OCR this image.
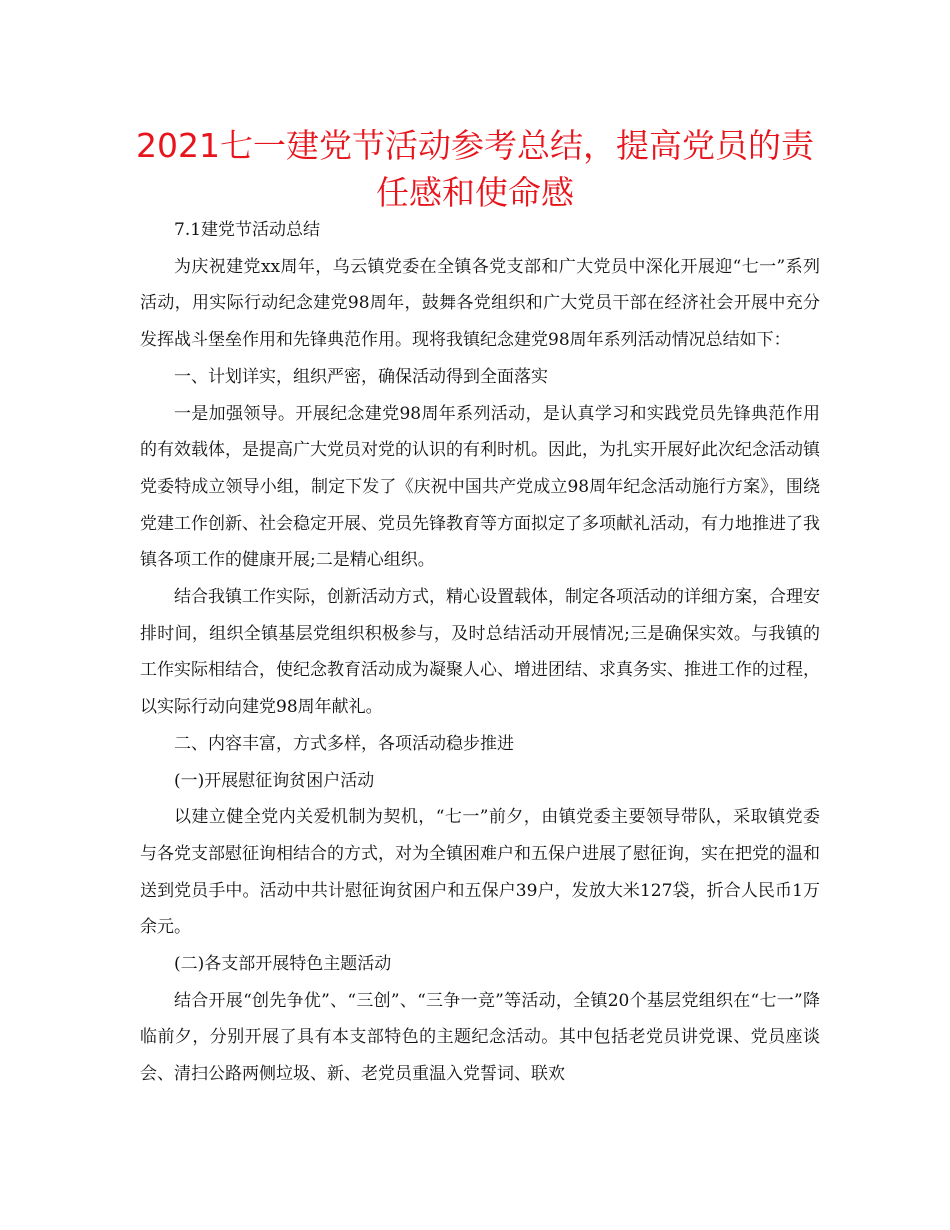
2021七一建党节活动参考总结，提高党员的责任感和使命感

7.1建党节活动总结

为庆祝建党xx周年，乌云镇党委在全镇各党支部和广大党员中深化开展迎“七一”系列活动，用实际行动纪念建党98周年，鼓舞各党组织和广大党员干部在经济社会开展中充分发挥战斗堡垒作用和先锋典范作用。现将我镇纪念建党98周年系列活动情况总结如下：

一、计划详实，组织严密，确保活动得到全面落实

一是加强领导。开展纪念建党98周年系列活动，是认真学习和实践党员先锋典范作用的有效载体，是提高广大党员对党的认识的有利时机。因此，为扎实开展好此次纪念活动镇党委特成立领导小组，制定下发了《庆祝中国共产党成立98周年纪念活动施行方案》，围绕党建工作创新、社会稳定开展、党员先锋教育等方面拟定了多项献礼活动，有力地推进了我镇各项工作的健康开展;二是精心组织。

结合我镇工作实际，创新活动方式，精心设置载体，制定各项活动的详细方案，合理安排时间，组织全镇基层党组织积极参与，及时总结活动开展情况;三是确保实效。与我镇的工作实际相结合，使纪念教育活动成为凝聚人心、增进团结、求真务实、推进工作的过程，以实际行动向建党98周年献礼。

二、内容丰富，方式多样，各项活动稳步推进

(一)开展慰征询贫困户活动

以建立健全党内关爱机制为契机，“七一”前夕，由镇党委主要领导带队，采取镇党委与各党支部慰征询相结合的方式，对为全镇困难户和五保户进展了慰征询，实在把党的温和送到党员手中。活动中共计慰征询贫困户和五保户39户，发放大米127袋，折合人民币1万余元。

(二)各支部开展特色主题活动

结合开展“创先争优”、“三创”、“三争一竞”等活动，全镇20个基层党组织在“七一”降临前夕，分别开展了具有本支部特色的主题纪念活动。其中包括老党员讲党课、党员座谈会、清扫公路两侧垃圾、新、老党员重温入党誓词、联欢
